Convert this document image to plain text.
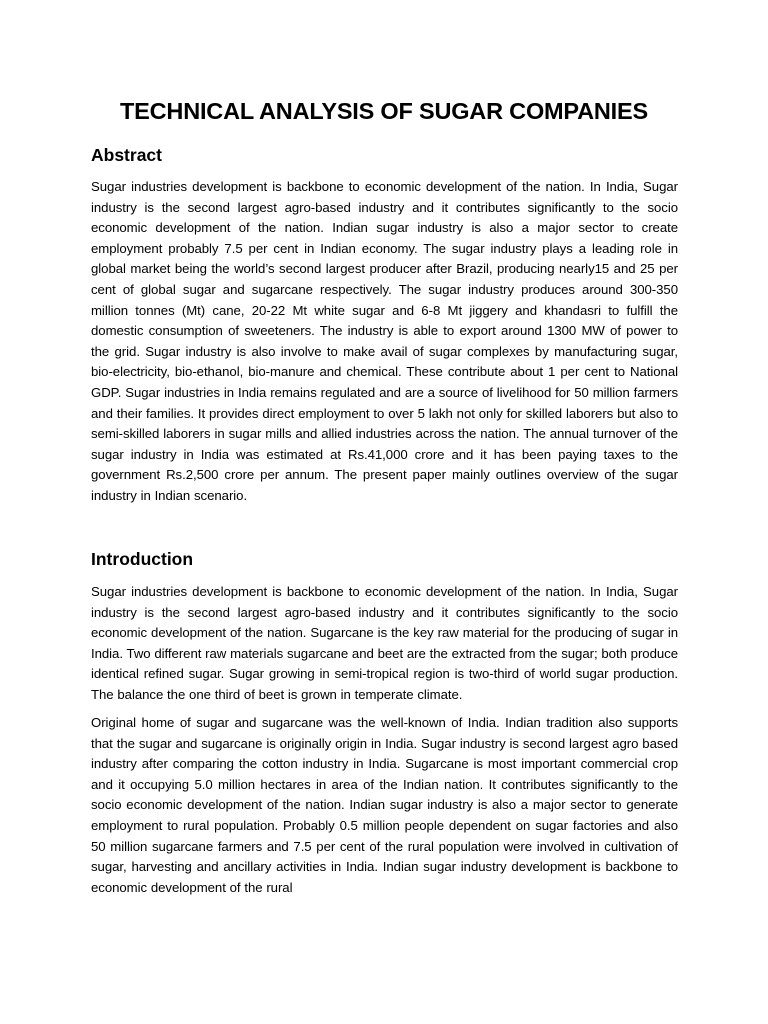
TECHNICAL ANALYSIS OF SUGAR COMPANIES
Abstract

Sugar industries development is backbone to economic development of the nation. In India, Sugar industry is the second largest agro-based industry and it contributes significantly to the socio economic development of the nation. Indian sugar industry is also a major sector to create employment probably 7.5 per cent in Indian economy. The sugar industry plays a leading role in global market being the world’s second largest producer after Brazil, producing nearly15 and 25 per cent of global sugar and sugarcane respectively. The sugar industry produces around 300-350 million tonnes (Mt) cane, 20-22 Mt white sugar and 6-8 Mt jiggery and khandasri to fulfill the domestic consumption of sweeteners. The industry is able to export around 1300 MW of power to the grid. Sugar industry is also involve to make avail of sugar complexes by manufacturing sugar, bio-electricity, bio-ethanol, bio-manure and chemical. These contribute about 1 per cent to National GDP. Sugar industries in India remains regulated and are a source of livelihood for 50 million farmers and their families. It provides direct employment to over 5 lakh not only for skilled laborers but also to semi-skilled laborers in sugar mills and allied industries across the nation. The annual turnover of the sugar industry in India was estimated at Rs.41,000 crore and it has been paying taxes to the government Rs.2,500 crore per annum. The present paper mainly outlines overview of the sugar industry in Indian scenario.

Introduction

Sugar industries development is backbone to economic development of the nation. In India, Sugar industry is the second largest agro-based industry and it contributes significantly to the socio economic development of the nation. Sugarcane is the key raw material for the producing of sugar in India. Two different raw materials sugarcane and beet are the extracted from the sugar; both produce identical refined sugar. Sugar growing in semi-tropical region is two-third of world sugar production. The balance the one third of beet is grown in temperate climate.

Original home of sugar and sugarcane was the well-known of India. Indian tradition also supports that the sugar and sugarcane is originally origin in India. Sugar industry is second largest agro based industry after comparing the cotton industry in India. Sugarcane is most important commercial crop and it occupying 5.0 million hectares in area of the Indian nation. It contributes significantly to the socio economic development of the nation. Indian sugar industry is also a major sector to generate employment to rural population. Probably 0.5 million people dependent on sugar factories and also 50 million sugarcane farmers and 7.5 per cent of the rural population were involved in cultivation of sugar, harvesting and ancillary activities in India. Indian sugar industry development is backbone to economic development of the rural
